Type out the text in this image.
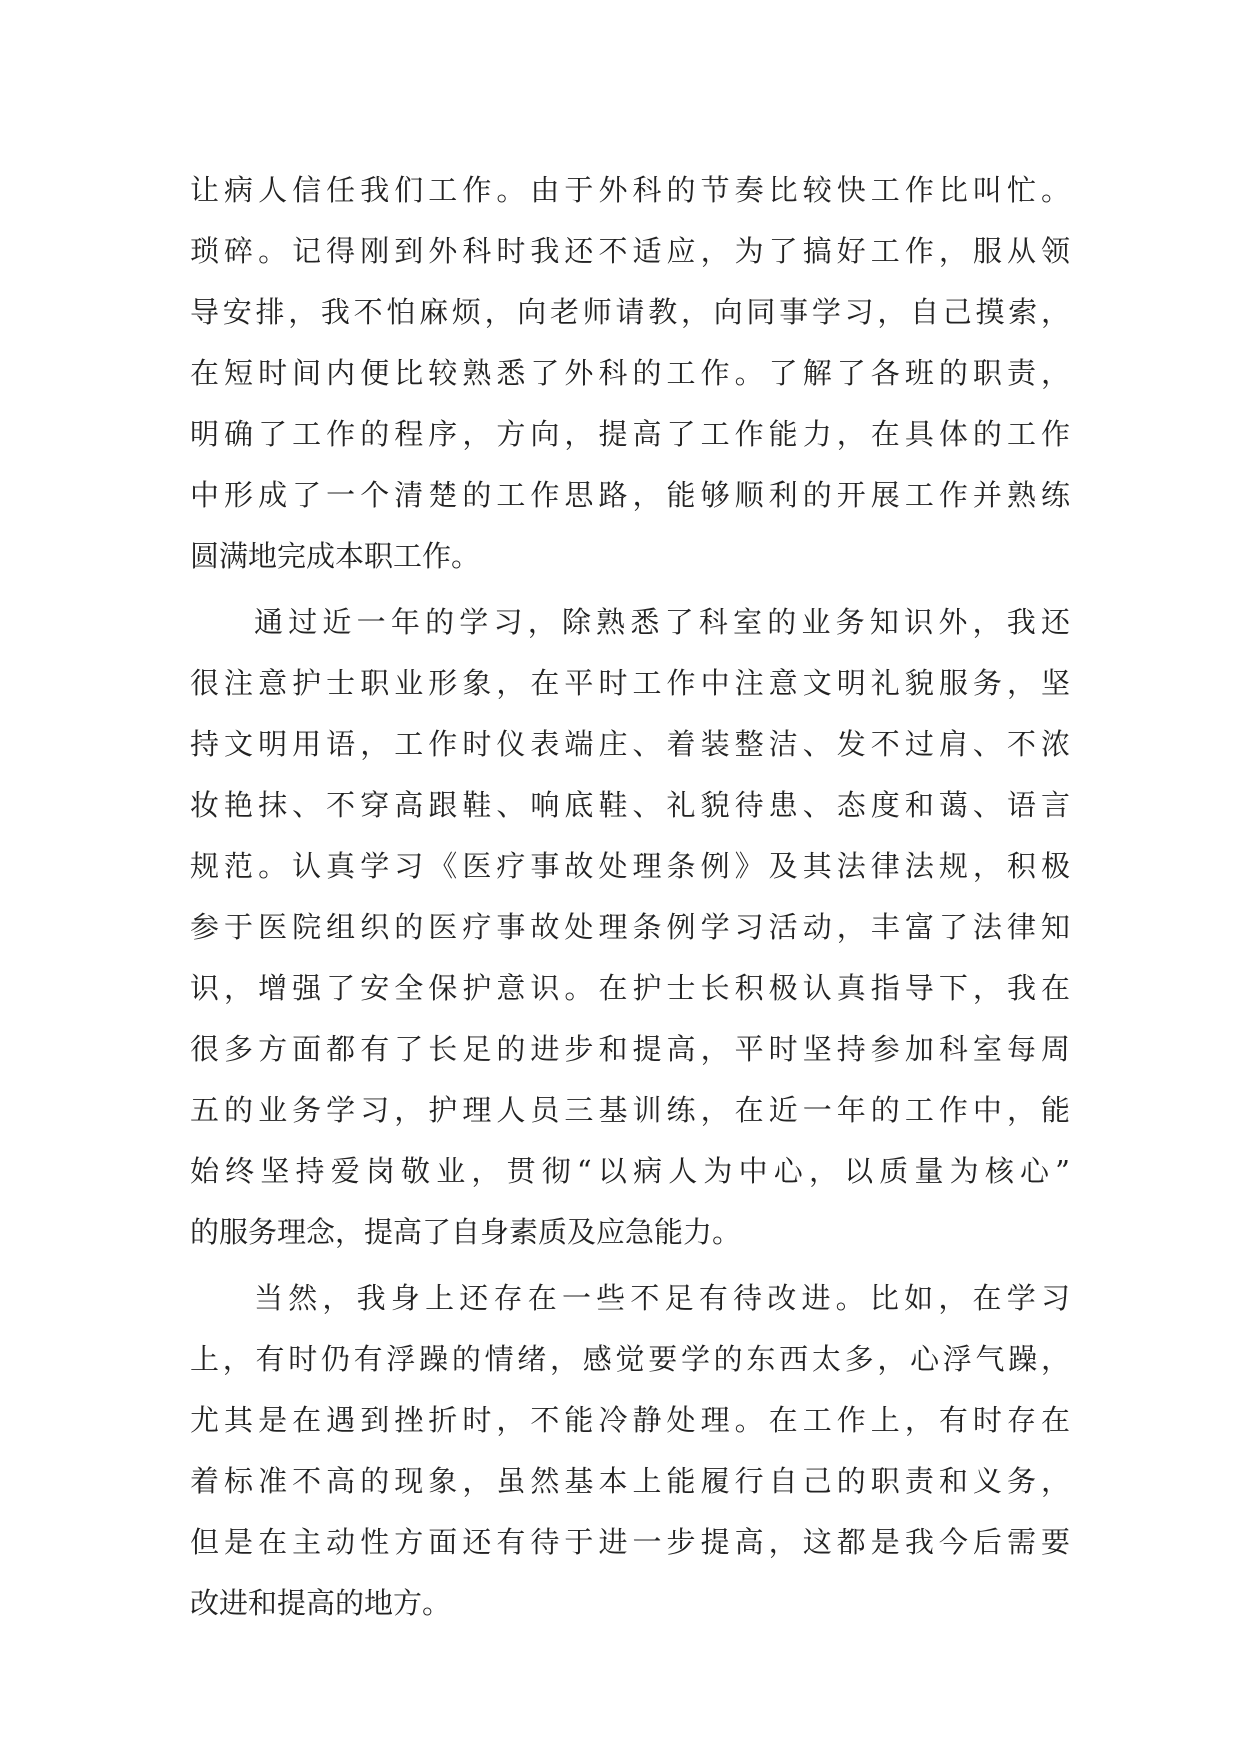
让病人信任我们工作。由于外科的节奏比较快工作比叫忙。
琐碎。记得刚到外科时我还不适应，为了搞好工作，服从领
导安排，我不怕麻烦，向老师请教，向同事学习，自己摸索，
在短时间内便比较熟悉了外科的工作。了解了各班的职责，
明确了工作的程序，方向，提高了工作能力，在具体的工作
中形成了一个清楚的工作思路，能够顺利的开展工作并熟练
圆满地完成本职工作。
通过近一年的学习，除熟悉了科室的业务知识外，我还
很注意护士职业形象，在平时工作中注意文明礼貌服务，坚
持文明用语，工作时仪表端庄、着装整洁、发不过肩、不浓
妆艳抹、不穿高跟鞋、响底鞋、礼貌待患、态度和蔼、语言
规范。认真学习《医疗事故处理条例》及其法律法规，积极
参于医院组织的医疗事故处理条例学习活动，丰富了法律知
识，增强了安全保护意识。在护士长积极认真指导下，我在
很多方面都有了长足的进步和提高，平时坚持参加科室每周
五的业务学习，护理人员三基训练，在近一年的工作中，能
始终坚持爱岗敬业，贯彻“以病人为中心，以质量为核心”
的服务理念，提高了自身素质及应急能力。
当然，我身上还存在一些不足有待改进。比如，在学习
上，有时仍有浮躁的情绪，感觉要学的东西太多，心浮气躁，
尤其是在遇到挫折时，不能冷静处理。在工作上，有时存在
着标准不高的现象，虽然基本上能履行自己的职责和义务，
但是在主动性方面还有待于进一步提高，这都是我今后需要
改进和提高的地方。
